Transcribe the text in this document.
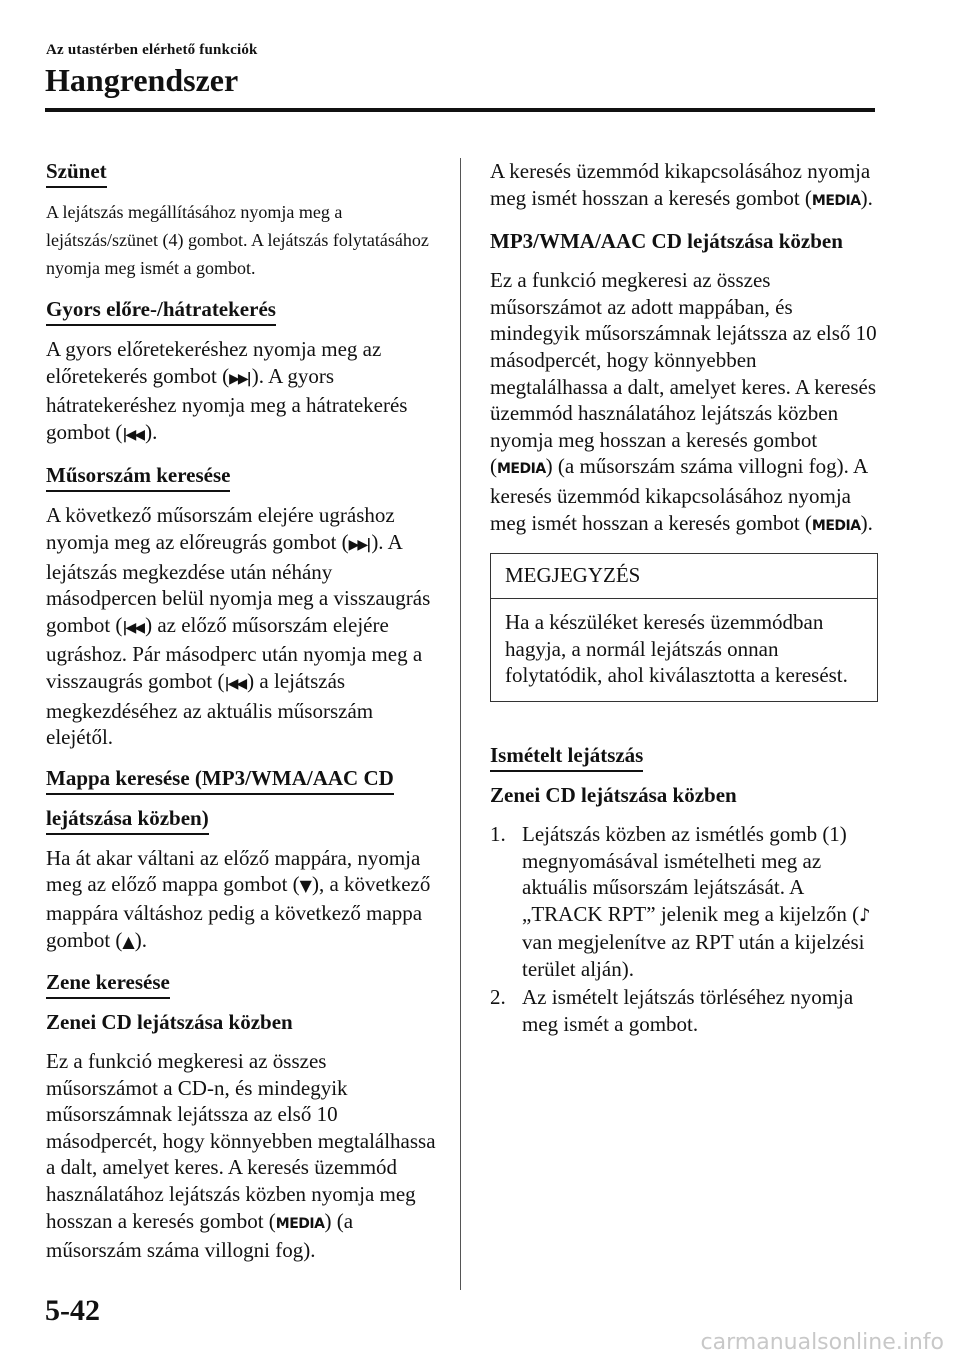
Az utastérben elérhető funkciók
Hangrendszer
Szünet
A lejátszás megállításához nyomja meg a lejátszás/szünet (4) gombot. A lejátszás folytatásához nyomja meg ismét a gombot.
Gyors előre-/hátratekerés
A gyors előretekeréshez nyomja meg az előretekerés gombot (▶▶|). A gyors hátratekeréshez nyomja meg a hátratekerés gombot (|◀◀).
Műsorszám keresése
A következő műsorszám elejére ugráshoz nyomja meg az előreugrás gombot (▶▶|). A lejátszás megkezdése után néhány másodpercen belül nyomja meg a visszaugrás gombot (|◀◀) az előző műsorszám elejére ugráshoz. Pár másodperc után nyomja meg a visszaugrás gombot (|◀◀) a lejátszás megkezdéséhez az aktuális műsorszám elejétől.
Mappa keresése (MP3/WMA/AAC CD
lejátszása közben)
Ha át akar váltani az előző mappára, nyomja meg az előző mappa gombot (▼), a következő mappára váltáshoz pedig a következő mappa gombot (▲).
Zene keresése
Zenei CD lejátszása közben
Ez a funkció megkeresi az összes műsorszámot a CD-n, és mindegyik műsorszámnak lejátssza az első 10 másodpercét, hogy könnyebben megtalálhassa a dalt, amelyet keres. A keresés üzemmód használatához lejátszás közben nyomja meg hosszan a keresés gombot (MEDIA) (a műsorszám száma villogni fog).
A keresés üzemmód kikapcsolásához nyomja meg ismét hosszan a keresés gombot (MEDIA).
MP3/WMA/AAC CD lejátszása közben
Ez a funkció megkeresi az összes műsorszámot az adott mappában, és mindegyik műsorszámnak lejátssza az első 10 másodpercét, hogy könnyebben megtalálhassa a dalt, amelyet keres. A keresés üzemmód használatához lejátszás közben nyomja meg hosszan a keresés gombot (MEDIA) (a műsorszám száma villogni fog). A keresés üzemmód kikapcsolásához nyomja meg ismét hosszan a keresés gombot (MEDIA).
MEGJEGYZÉS
Ha a készüléket keresés üzemmódban hagyja, a normál lejátszás onnan folytatódik, ahol kiválasztotta a keresést.
Ismételt lejátszás
Zenei CD lejátszása közben
1. Lejátszás közben az ismétlés gomb (1) megnyomásával ismételheti meg az aktuális műsorszám lejátszását. A „TRACK RPT” jelenik meg a kijelzőn (♪ van megjelenítve az RPT után a kijelzési terület alján).
2. Az ismételt lejátszás törléséhez nyomja meg ismét a gombot.
5-42
carmanualsonline.info
